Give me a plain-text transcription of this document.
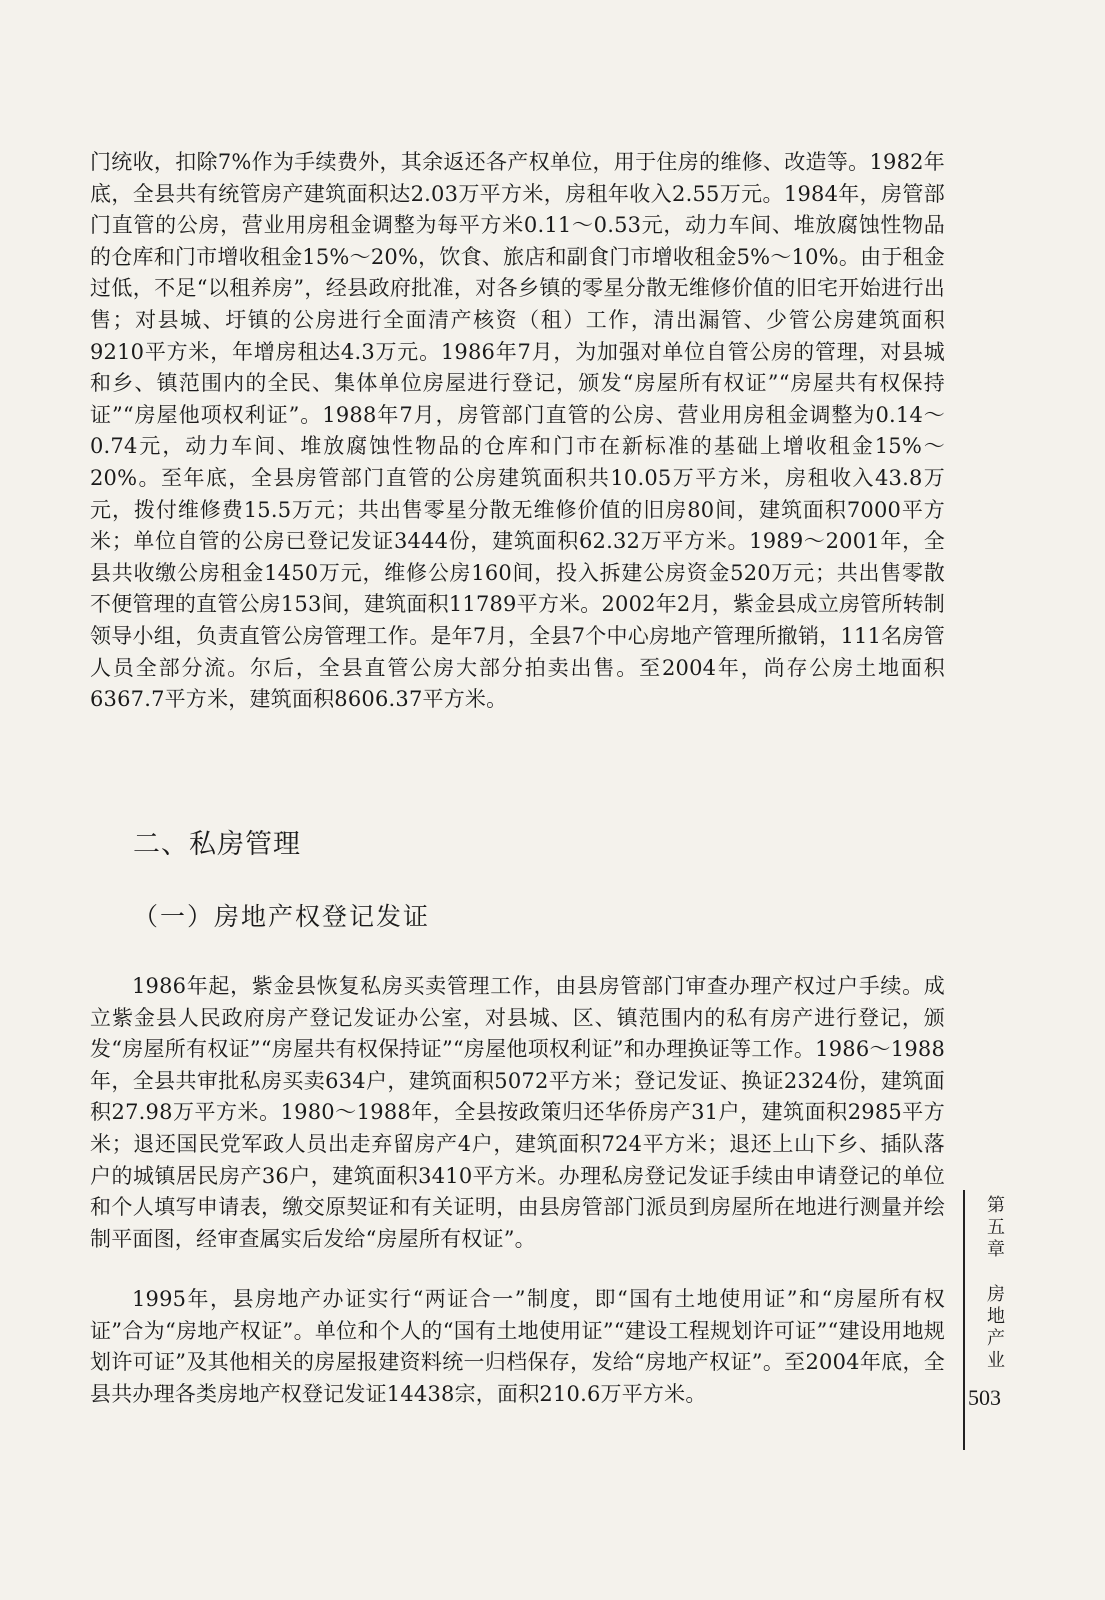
门统收，扣除7%作为手续费外，其余返还各产权单位，用于住房的维修、改造等。1982年底，全县共有统管房产建筑面积达2.03万平方米，房租年收入2.55万元。1984年，房管部门直管的公房，营业用房租金调整为每平方米0.11～0.53元，动力车间、堆放腐蚀性物品的仓库和门市增收租金15%～20%，饮食、旅店和副食门市增收租金5%～10%。由于租金过低，不足“以租养房”，经县政府批准，对各乡镇的零星分散无维修价值的旧宅开始进行出售；对县城、圩镇的公房进行全面清产核资（租）工作，清出漏管、少管公房建筑面积9210平方米，年增房租达4.3万元。1986年7月，为加强对单位自管公房的管理，对县城和乡、镇范围内的全民、集体单位房屋进行登记，颁发“房屋所有权证”“房屋共有权保持证”“房屋他项权利证”。1988年7月，房管部门直管的公房、营业用房租金调整为0.14～0.74元，动力车间、堆放腐蚀性物品的仓库和门市在新标准的基础上增收租金15%～20%。至年底，全县房管部门直管的公房建筑面积共10.05万平方米，房租收入43.8万元，拨付维修费15.5万元；共出售零星分散无维修价值的旧房80间，建筑面积7000平方米；单位自管的公房已登记发证3444份，建筑面积62.32万平方米。1989～2001年，全县共收缴公房租金1450万元，维修公房160间，投入拆建公房资金520万元；共出售零散不便管理的直管公房153间，建筑面积11789平方米。2002年2月，紫金县成立房管所转制领导小组，负责直管公房管理工作。是年7月，全县7个中心房地产管理所撤销，111名房管人员全部分流。尔后，全县直管公房大部分拍卖出售。至2004年，尚存公房土地面积6367.7平方米，建筑面积8606.37平方米。

二、私房管理
（一）房地产权登记发证

1986年起，紫金县恢复私房买卖管理工作，由县房管部门审查办理产权过户手续。成立紫金县人民政府房产登记发证办公室，对县城、区、镇范围内的私有房产进行登记，颁发“房屋所有权证”“房屋共有权保持证”“房屋他项权利证”和办理换证等工作。1986～1988年，全县共审批私房买卖634户，建筑面积5072平方米；登记发证、换证2324份，建筑面积27.98万平方米。1980～1988年，全县按政策归还华侨房产31户，建筑面积2985平方米；退还国民党军政人员出走弃留房产4户，建筑面积724平方米；退还上山下乡、插队落户的城镇居民房产36户，建筑面积3410平方米。办理私房登记发证手续由申请登记的单位和个人填写申请表，缴交原契证和有关证明，由县房管部门派员到房屋所在地进行测量并绘制平面图，经审查属实后发给“房屋所有权证”。

1995年，县房地产办证实行“两证合一”制度，即“国有土地使用证”和“房屋所有权证”合为“房地产权证”。单位和个人的“国有土地使用证”“建设工程规划许可证”“建设用地规划许可证”及其他相关的房屋报建资料统一归档保存，发给“房地产权证”。至2004年底，全县共办理各类房地产权登记发证14438宗，面积210.6万平方米。

第五章
房地产业
503
